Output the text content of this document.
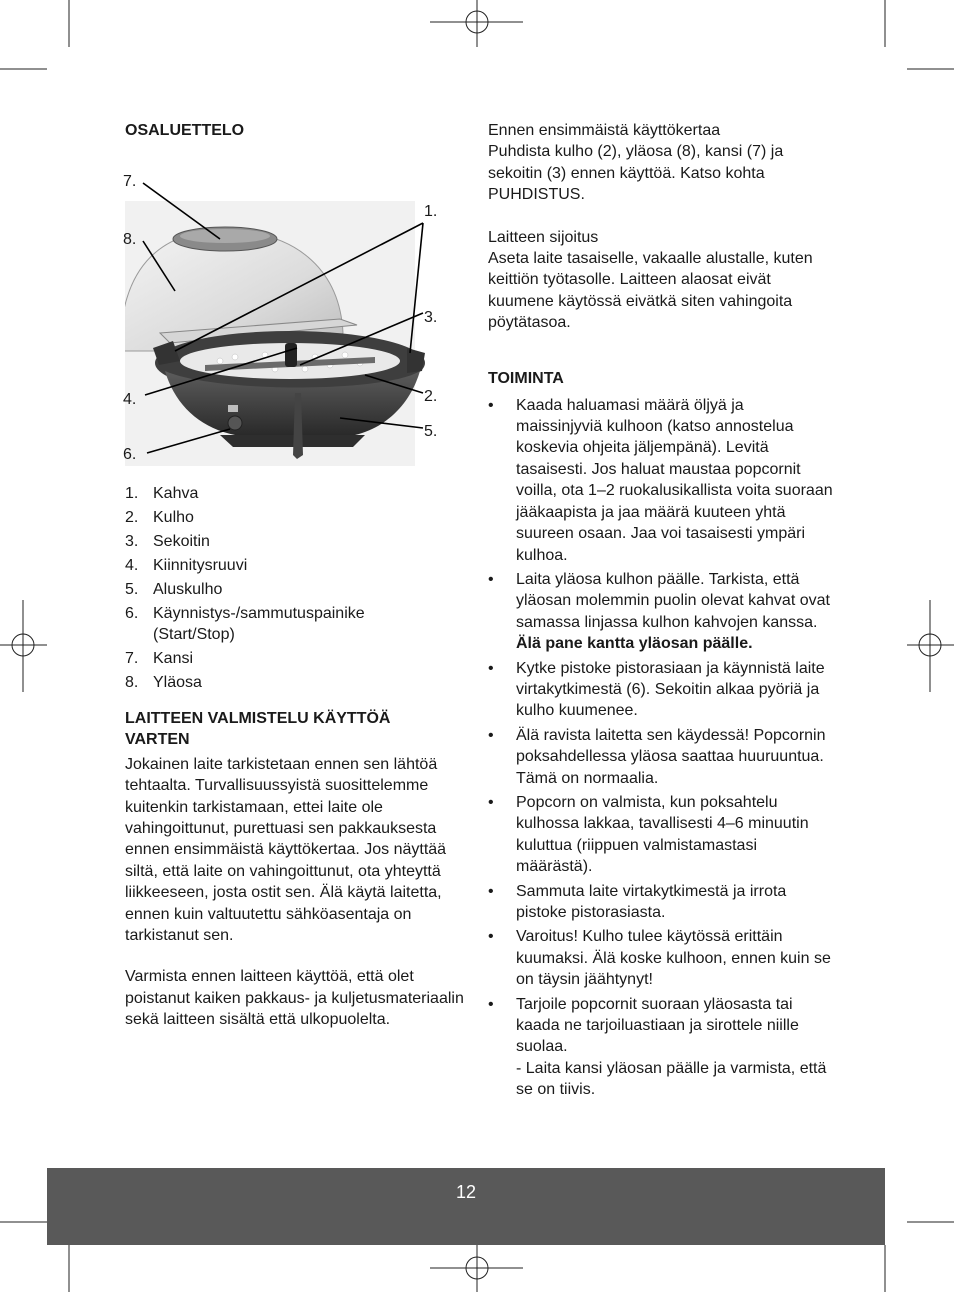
OSALUETTELO
7.
8.
1.
3.
4.	2.
5.
6.
1. Kahva
2. Kulho
3. Sekoitin
4. Kiinnitysruuvi
5. Aluskulho
6. Käynnistys-/sammutuspainike (Start/Stop)
7. Kansi
8. Yläosa
LAITTEEN VALMISTELU KÄYTTÖÄ VARTEN

Jokainen laite tarkistetaan ennen sen lähtöä tehtaalta. Turvallisuussyistä suosittelemme kuitenkin tarkistamaan, ettei laite ole vahingoittunut, purettuasi sen pakkauksesta ennen ensimmäistä käyttökertaa. Jos näyttää siltä, että laite on vahingoittunut, ota yhteyttä liikkeeseen, josta ostit sen. Älä käytä laitetta, ennen kuin valtuutettu sähköasentaja on tarkistanut sen.

Varmista ennen laitteen käyttöä, että olet poistanut kaiken pakkaus- ja kuljetusmateriaalin sekä laitteen sisältä että ulkopuolelta.

Ennen ensimmäistä käyttökertaa

Puhdista kulho (2), yläosa (8), kansi (7) ja sekoitin (3) ennen käyttöä. Katso kohta PUHDISTUS.

Laitteen sijoitus

Aseta laite tasaiselle, vakaalle alustalle, kuten keittiön työtasolle. Laitteen alaosat eivät kuumene käytössä eivätkä siten vahingoita pöytätasoa.

TOIMINTA
•	Kaada haluamasi määrä öljyä ja maissinjyviä kulhoon (katso annostelua koskevia ohjeita jäljempänä). Levitä tasaisesti. Jos haluat maustaa popcornit voilla, ota 1–2 ruokalusikallista voita suoraan jääkaapista ja jaa määrä kuuteen yhtä suureen osaan. Jaa voi tasaisesti ympäri kulhoa.
•	Laita yläosa kulhon päälle. Tarkista, että yläosan molemmin puolin olevat kahvat ovat samassa linjassa kulhon kahvojen kanssa. Älä pane kantta yläosan päälle.
•	Kytke pistoke pistorasiaan ja käynnistä laite virtakytkimestä (6). Sekoitin alkaa pyöriä ja kulho kuumenee.
•	Älä ravista laitetta sen käydessä! Popcornin poksahdellessa yläosa saattaa huuruuntua. Tämä on normaalia.
•	Popcorn on valmista, kun poksahtelu kulhossa lakkaa, tavallisesti 4–6 minuutin kuluttua (riippuen valmistamastasi määrästä).
•	Sammuta laite virtakytkimestä ja irrota pistoke pistorasiasta.
•	Varoitus! Kulho tulee käytössä erittäin kuumaksi. Älä koske kulhoon, ennen kuin se on täysin jäähtynyt!
•	Tarjoile popcornit suoraan yläosasta tai kaada ne tarjoiluastiaan ja sirottele niille suolaa.
- Laita kansi yläosan päälle ja varmista, että se on tiivis.
12
